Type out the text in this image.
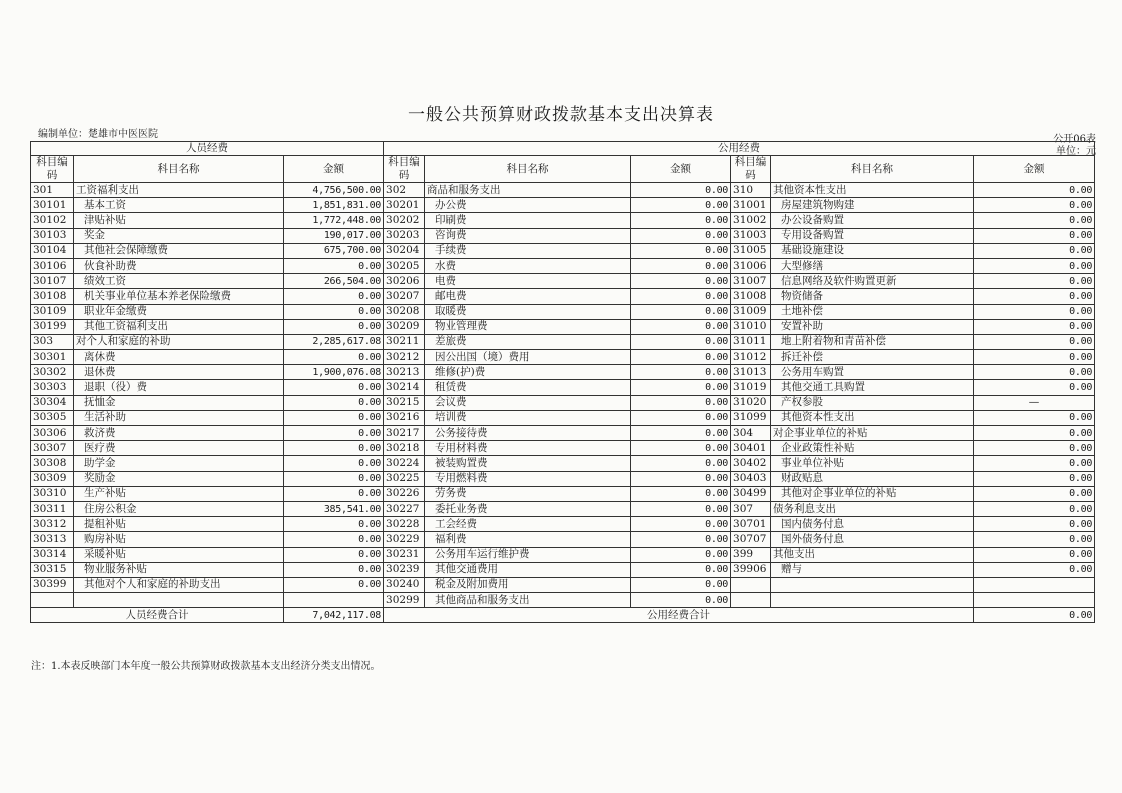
一般公共预算财政拨款基本支出决算表
编制单位：楚雄市中医医院	公开06表
单位：元
人员经费			公用经费					
科目编码	科目名称	金额	科目编码	科目名称	金额	科目编码	科目名称	金额
301	工资福利支出	4,756,500.00	302	商品和服务支出	0.00	310	其他资本性支出	0.00
30101	基本工资	1,851,831.00	30201	办公费	0.00	31001	房屋建筑物购建	0.00
30102	津贴补贴	1,772,448.00	30202	印刷费	0.00	31002	办公设备购置	0.00
30103	奖金	190,017.00	30203	咨询费	0.00	31003	专用设备购置	0.00
30104	其他社会保障缴费	675,700.00	30204	手续费	0.00	31005	基础设施建设	0.00
30106	伙食补助费	0.00	30205	水费	0.00	31006	大型修缮	0.00
30107	绩效工资	266,504.00	30206	电费	0.00	31007	信息网络及软件购置更新	0.00
30108	机关事业单位基本养老保险缴费	0.00	30207	邮电费	0.00	31008	物资储备	0.00
30109	职业年金缴费	0.00	30208	取暖费	0.00	31009	土地补偿	0.00
30199	其他工资福利支出	0.00	30209	物业管理费	0.00	31010	安置补助	0.00
303	对个人和家庭的补助	2,285,617.08	30211	差旅费	0.00	31011	地上附着物和青苗补偿	0.00
30301	离休费	0.00	30212	因公出国（境）费用	0.00	31012	拆迁补偿	0.00
30302	退休费	1,900,076.08	30213	维修(护)费	0.00	31013	公务用车购置	0.00
30303	退职（役）费	0.00	30214	租赁费	0.00	31019	其他交通工具购置	0.00
30304	抚恤金	0.00	30215	会议费	0.00	31020	产权参股	—
30305	生活补助	0.00	30216	培训费	0.00	31099	其他资本性支出	0.00
30306	救济费	0.00	30217	公务接待费	0.00	304	对企事业单位的补贴	0.00
30307	医疗费	0.00	30218	专用材料费	0.00	30401	企业政策性补贴	0.00
30308	助学金	0.00	30224	被装购置费	0.00	30402	事业单位补贴	0.00
30309	奖励金	0.00	30225	专用燃料费	0.00	30403	财政贴息	0.00
30310	生产补贴	0.00	30226	劳务费	0.00	30499	其他对企事业单位的补贴	0.00
30311	住房公积金	385,541.00	30227	委托业务费	0.00	307	债务利息支出	0.00
30312	提租补贴	0.00	30228	工会经费	0.00	30701	国内债务付息	0.00
30313	购房补贴	0.00	30229	福利费	0.00	30707	国外债务付息	0.00
30314	采暖补贴	0.00	30231	公务用车运行维护费	0.00	399	其他支出	0.00
30315	物业服务补贴	0.00	30239	其他交通费用	0.00	39906	赠与	0.00
30399	其他对个人和家庭的补助支出	0.00	30240	税金及附加费用	0.00			
			30299	其他商品和服务支出	0.00			
人员经费合计		7,042,117.08	公用经费合计					0.00
注：1.本表反映部门本年度一般公共预算财政拨款基本支出经济分类支出情况。
